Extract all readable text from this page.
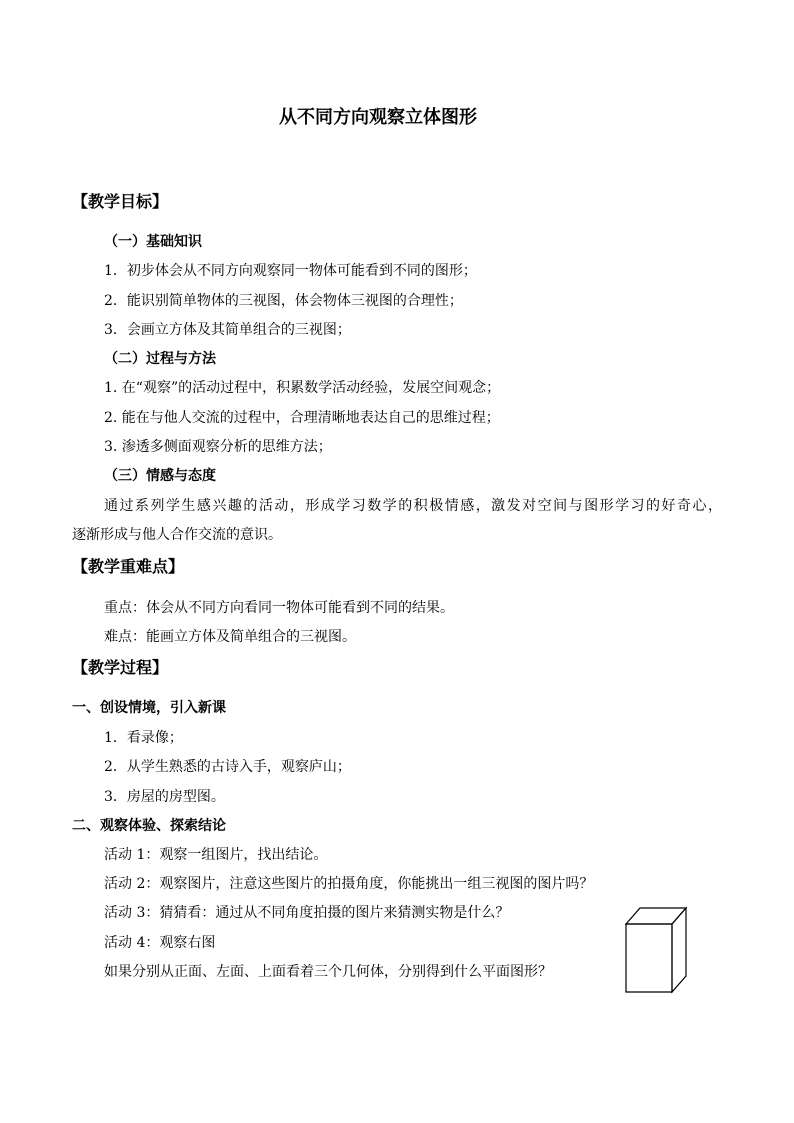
从不同方向观察立体图形
【教学目标】
（一）基础知识
1．初步体会从不同方向观察同一物体可能看到不同的图形；
2．能识别简单物体的三视图，体会物体三视图的合理性；
3．会画立方体及其简单组合的三视图；
（二）过程与方法
1. 在“观察”的活动过程中，积累数学活动经验，发展空间观念；
2. 能在与他人交流的过程中，合理清晰地表达自己的思维过程；
3. 渗透多侧面观察分析的思维方法；
（三）情感与态度
通过系列学生感兴趣的活动，形成学习数学的积极情感，激发对空间与图形学习的好奇心，
逐渐形成与他人合作交流的意识。
【教学重难点】
重点：体会从不同方向看同一物体可能看到不同的结果。
难点：能画立方体及简单组合的三视图。
【教学过程】
一、创设情境，引入新课
1．看录像；
2．从学生熟悉的古诗入手，观察庐山；
3．房屋的房型图。
二、观察体验、探索结论
活动 1：观察一组图片，找出结论。
活动 2：观察图片，注意这些图片的拍摄角度，你能挑出一组三视图的图片吗？
活动 3：猜猜看：通过从不同角度拍摄的图片来猜测实物是什么？
活动 4：观察右图
如果分别从正面、左面、上面看着三个几何体，分别得到什么平面图形？
